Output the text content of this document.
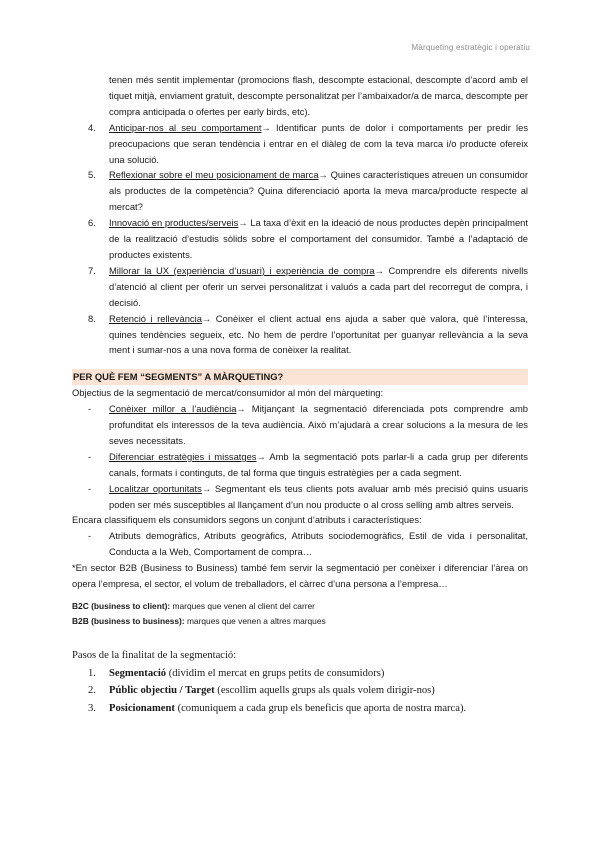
Màrqueting estratègic i operatiu
tenen més sentit implementar (promocions flash, descompte estacional, descompte d’acord amb el tiquet mitjà, enviament gratuït, descompte personalitzat per l’ambaixador/a de marca, descompte per compra anticipada o ofertes per early birds, etc).
4. Anticipar-nos al seu comportament→ Identificar punts de dolor i comportaments per predir les preocupacions que seran tendència i entrar en el diàleg de com la teva marca i/o producte ofereix una solució.
5. Reflexionar sobre el meu posicionament de marca→ Quines característiques atreuen un consumidor als productes de la competència? Quina diferenciació aporta la meva marca/producte respecte al mercat?
6. Innovació en productes/serveis→ La taxa d’èxit en la ideació de nous productes depèn principalment de la realització d’estudis sòlids sobre el comportament del consumidor. També a l’adaptació de productes existents.
7. Millorar la UX (experiència d’usuari) i experiència de compra→ Comprendre els diferents nivells d’atenció al client per oferir un servei personalitzat i valuós a cada part del recorregut de compra, i decisió.
8. Retenció i rellevància→ Conèixer el client actual ens ajuda a saber què valora, què l’interessa, quines tendències segueix, etc. No hem de perdre l’oportunitat per guanyar rellevància a la seva ment i sumar-nos a una nova forma de conèixer la realitat.
PER QUÈ FEM “SEGMENTS” A MÀRQUETING?
Objectius de la segmentació de mercat/consumidor al món del màrqueting:
- Conèixer millor a l’audiència→ Mitjançant la segmentació diferenciada pots comprendre amb profunditat els interessos de la teva audiència. Això m’ajudarà a crear solucions a la mesura de les seves necessitats.
- Diferenciar estratègies i missatges→ Amb la segmentació pots parlar-li a cada grup per diferents canals, formats i continguts, de tal forma que tinguis estratègies per a cada segment.
- Localitzar oportunitats→ Segmentant els teus clients pots avaluar amb més precisió quins usuaris poden ser més susceptibles al llançament d’un nou producte o al cross selling amb altres serveis.
Encara classifiquem els consumidors segons un conjunt d’atributs i característiques:
- Atributs demogràfics, Atributs geogràfics, Atributs sociodemogràfics, Estil de vida i personalitat, Conducta a la Web, Comportament de compra…
*En sector B2B (Business to Business) també fem servir la segmentació per conèixer i diferenciar l’àrea on opera l’empresa, el sector, el volum de treballadors, el càrrec d’una persona a l’empresa…
B2C (business to client): marques que venen al client del carrer
B2B (business to business): marques que venen a altres marques
Pasos de la finalitat de la segmentació:
1. Segmentació (dividim el mercat en grups petits de consumidors)
2. Públic objectiu / Target (escollim aquells grups als quals volem dirigir-nos)
3. Posicionament (comuniquem a cada grup els beneficis que aporta de nostra marca).
